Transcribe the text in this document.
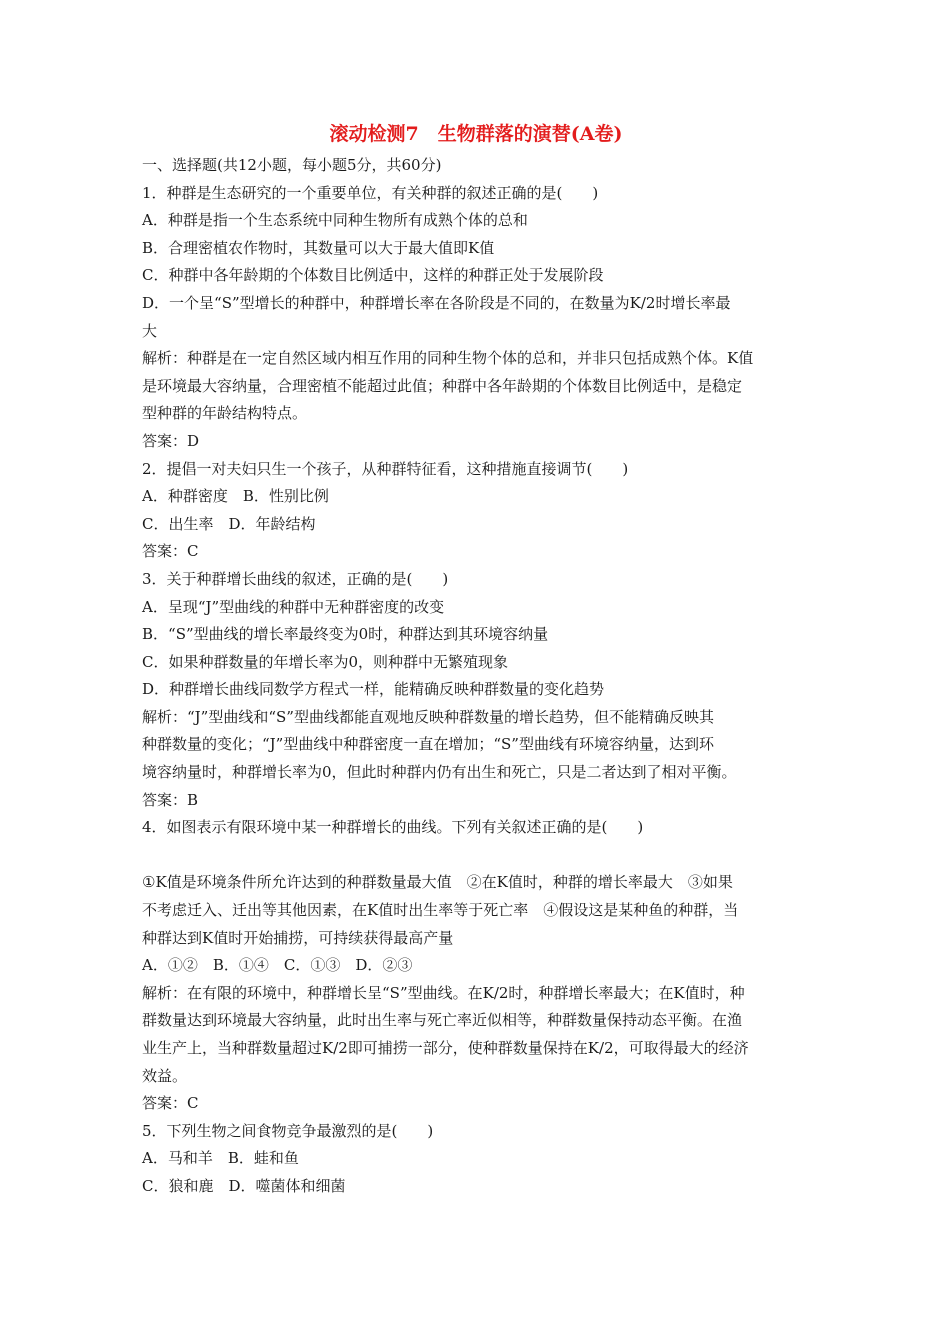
滚动检测7　生物群落的演替(A卷)
一、选择题(共12小题，每小题5分，共60分)
1．种群是生态研究的一个重要单位，有关种群的叙述正确的是(　　)
A．种群是指一个生态系统中同种生物所有成熟个体的总和
B．合理密植农作物时，其数量可以大于最大值即K值
C．种群中各年龄期的个体数目比例适中，这样的种群正处于发展阶段
D．一个呈“S”型增长的种群中，种群增长率在各阶段是不同的，在数量为K/2时增长率最
大
解析：种群是在一定自然区域内相互作用的同种生物个体的总和，并非只包括成熟个体。K值
是环境最大容纳量，合理密植不能超过此值；种群中各年龄期的个体数目比例适中，是稳定
型种群的年龄结构特点。
答案：D
2．提倡一对夫妇只生一个孩子，从种群特征看，这种措施直接调节(　　)
A．种群密度　B．性别比例
C．出生率　D．年龄结构
答案：C
3．关于种群增长曲线的叙述，正确的是(　　)
A．呈现“J”型曲线的种群中无种群密度的改变
B．“S”型曲线的增长率最终变为0时，种群达到其环境容纳量
C．如果种群数量的年增长率为0，则种群中无繁殖现象
D．种群增长曲线同数学方程式一样，能精确反映种群数量的变化趋势
解析：“J”型曲线和“S”型曲线都能直观地反映种群数量的增长趋势，但不能精确反映其
种群数量的变化；“J”型曲线中种群密度一直在增加；“S”型曲线有环境容纳量，达到环
境容纳量时，种群增长率为0，但此时种群内仍有出生和死亡，只是二者达到了相对平衡。
答案：B
4．如图表示有限环境中某一种群增长的曲线。下列有关叙述正确的是(　　)
①K值是环境条件所允许达到的种群数量最大值　②在K值时，种群的增长率最大　③如果
不考虑迁入、迁出等其他因素，在K值时出生率等于死亡率　④假设这是某种鱼的种群，当
种群达到K值时开始捕捞，可持续获得最高产量
A．①②　B．①④　C．①③　D．②③
解析：在有限的环境中，种群增长呈“S”型曲线。在K/2时，种群增长率最大；在K值时，种
群数量达到环境最大容纳量，此时出生率与死亡率近似相等，种群数量保持动态平衡。在渔
业生产上，当种群数量超过K/2即可捕捞一部分，使种群数量保持在K/2，可取得最大的经济
效益。
答案：C
5．下列生物之间食物竞争最激烈的是(　　)
A．马和羊　B．蛙和鱼
C．狼和鹿　D．噬菌体和细菌
